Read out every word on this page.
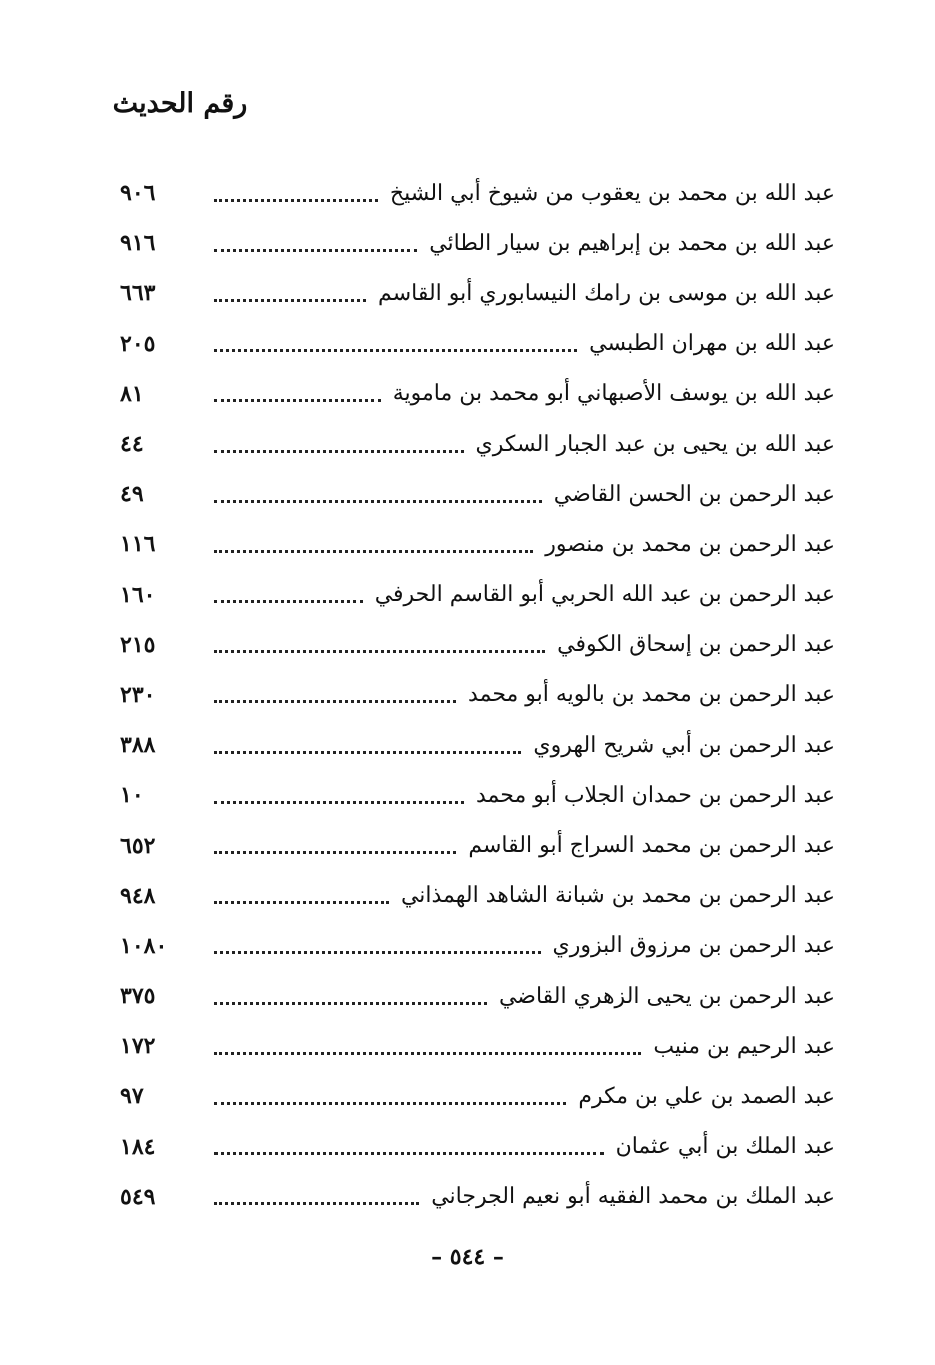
رقم الحديث
عبد الله بن محمد بن يعقوب من شيوخ أبي الشيخ
٩٠٦
عبد الله بن محمد بن إبراهيم بن سيار الطائي
٩١٦
عبد الله بن موسى بن رامك النيسابوري أبو القاسم
٦٦٣
عبد الله بن مهران الطبسي
٢٠٥
عبد الله بن يوسف الأصبهاني أبو محمد بن ماموية
٨١
عبد الله بن يحيى بن عبد الجبار السكري
٤٤
عبد الرحمن بن الحسن القاضي
٤٩
عبد الرحمن بن محمد بن منصور
١١٦
عبد الرحمن بن عبد الله الحربي أبو القاسم الحرفي
١٦٠
عبد الرحمن بن إسحاق الكوفي
٢١٥
عبد الرحمن بن محمد بن بالويه أبو محمد
٢٣٠
عبد الرحمن بن أبي شريح الهروي
٣٨٨
عبد الرحمن بن حمدان الجلاب أبو محمد
١٠
عبد الرحمن بن محمد السراج أبو القاسم
٦٥٢
عبد الرحمن بن محمد بن شبانة الشاهد الهمذاني
٩٤٨
عبد الرحمن بن مرزوق البزوري
١٠٨٠
عبد الرحمن بن يحيى الزهري القاضي
٣٧٥
عبد الرحيم بن منيب
١٧٢
عبد الصمد بن علي بن مكرم
٩٧
عبد الملك بن أبي عثمان
١٨٤
عبد الملك بن محمد الفقيه أبو نعيم الجرجاني
٥٤٩
– ٥٤٤ –
